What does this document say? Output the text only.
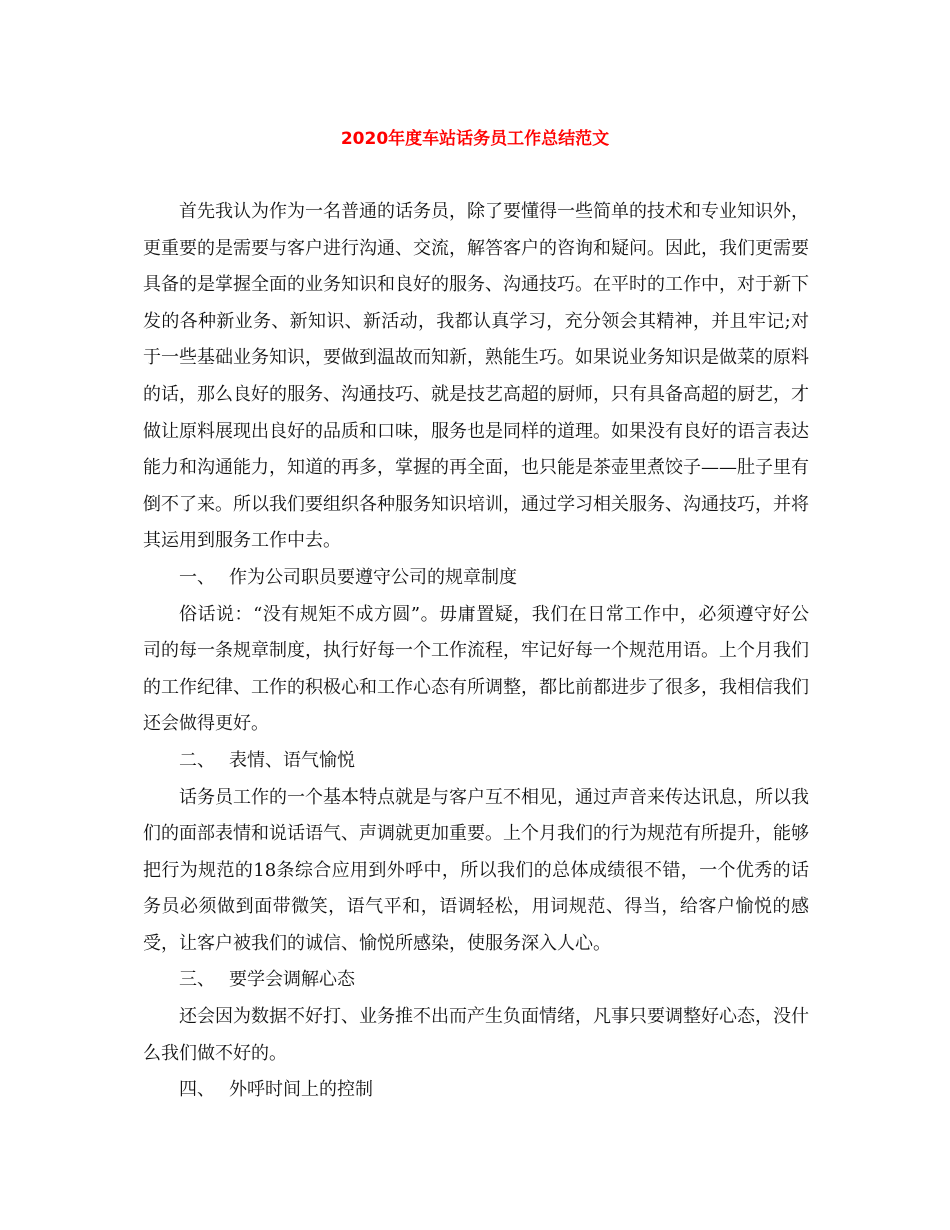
2020年度车站话务员工作总结范文

首先我认为作为一名普通的话务员，除了要懂得一些简单的技术和专业知识外，更重要的是需要与客户进行沟通、交流，解答客户的咨询和疑问。因此，我们更需要具备的是掌握全面的业务知识和良好的服务、沟通技巧。在平时的工作中，对于新下发的各种新业务、新知识、新活动，我都认真学习，充分领会其精神，并且牢记;对于一些基础业务知识，要做到温故而知新，熟能生巧。如果说业务知识是做菜的原料的话，那么良好的服务、沟通技巧、就是技艺高超的厨师，只有具备高超的厨艺，才做让原料展现出良好的品质和口味，服务也是同样的道理。如果没有良好的语言表达能力和沟通能力，知道的再多，掌握的再全面，也只能是茶壶里煮饺子——肚子里有倒不了来。所以我们要组织各种服务知识培训，通过学习相关服务、沟通技巧，并将其运用到服务工作中去。

一、 作为公司职员要遵守公司的规章制度

俗话说：“没有规矩不成方圆”。毋庸置疑，我们在日常工作中，必须遵守好公司的每一条规章制度，执行好每一个工作流程，牢记好每一个规范用语。上个月我们的工作纪律、工作的积极心和工作心态有所调整，都比前都进步了很多，我相信我们还会做得更好。

二、 表情、语气愉悦

话务员工作的一个基本特点就是与客户互不相见，通过声音来传达讯息，所以我们的面部表情和说话语气、声调就更加重要。上个月我们的行为规范有所提升，能够把行为规范的18条综合应用到外呼中，所以我们的总体成绩很不错，一个优秀的话务员必须做到面带微笑，语气平和，语调轻松，用词规范、得当，给客户愉悦的感受，让客户被我们的诚信、愉悦所感染，使服务深入人心。

三、 要学会调解心态

还会因为数据不好打、业务推不出而产生负面情绪，凡事只要调整好心态，没什么我们做不好的。

四、 外呼时间上的控制
